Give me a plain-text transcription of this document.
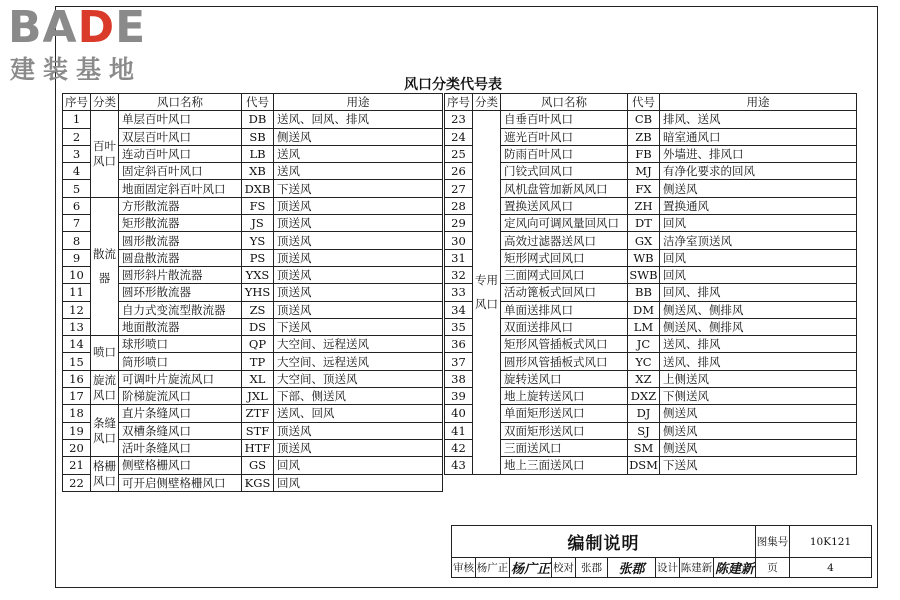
BADE
建装基地
风口分类代号表
序号	分类	风口名称	代号	用途		序号	分类	风口名称	代号	用途
1	百叶风口	单层百叶风口	DB	送风、回风、排风		23	专用风口	自垂百叶风口	CB	排风、送风
2		双层百叶风口	SB	侧送风		24		遮光百叶风口	ZB	暗室通风口
3		连动百叶风口	LB	送风		25		防雨百叶风口	FB	外墙进、排风口
4		固定斜百叶风口	XB	送风		26		门铰式回风口	MJ	有净化要求的回风
5		地面固定斜百叶风口	DXB	下送风		27		风机盘管加新风风口	FX	侧送风
6	散流器	方形散流器	FS	顶送风		28		置换送风风口	ZH	置换通风
7		矩形散流器	JS	顶送风		29		定风向可调风量回风口	DT	回风
8		圆形散流器	YS	顶送风		30		高效过滤器送风口	GX	洁净室顶送风
9		圆盘散流器	PS	顶送风		31		矩形网式回风口	WB	回风
10		圆形斜片散流器	YXS	顶送风		32		三面网式回风口	SWB	回风
11		圆环形散流器	YHS	顶送风		33		活动篦板式回风口	BB	回风、排风
12		自力式变流型散流器	ZS	顶送风		34		单面送排风口	DM	侧送风、侧排风
13		地面散流器	DS	下送风		35		双面送排风口	LM	侧送风、侧排风
14	喷口	球形喷口	QP	大空间、远程送风		36		矩形风管插板式风口	JC	送风、排风
15		筒形喷口	TP	大空间、远程送风		37		圆形风管插板式风口	YC	送风、排风
16	旋流风口	可调叶片旋流风口	XL	大空间、顶送风		38		旋转送风口	XZ	上侧送风
17		阶梯旋流风口	JXL	下部、侧送风		39		地上旋转送风口	DXZ	下侧送风
18	条缝风口	直片条缝风口	ZTF	送风、回风		40		单面矩形送风口	DJ	侧送风
19		双槽条缝风口	STF	顶送风		41		双面矩形送风口	SJ	侧送风
20		活叶条缝风口	HTF	顶送风		42		三面送风口	SM	侧送风
21	格栅风口	侧壁格栅风口	GS	回风		43		地上三面送风口	DSM	下送风
22		可开启侧壁格栅风口	KGS	回风						
编制说明									图集号	10K121
审核	杨广正	杨广正	校对	张郡	张郡	设计	陈建新	陈建新	页	4
